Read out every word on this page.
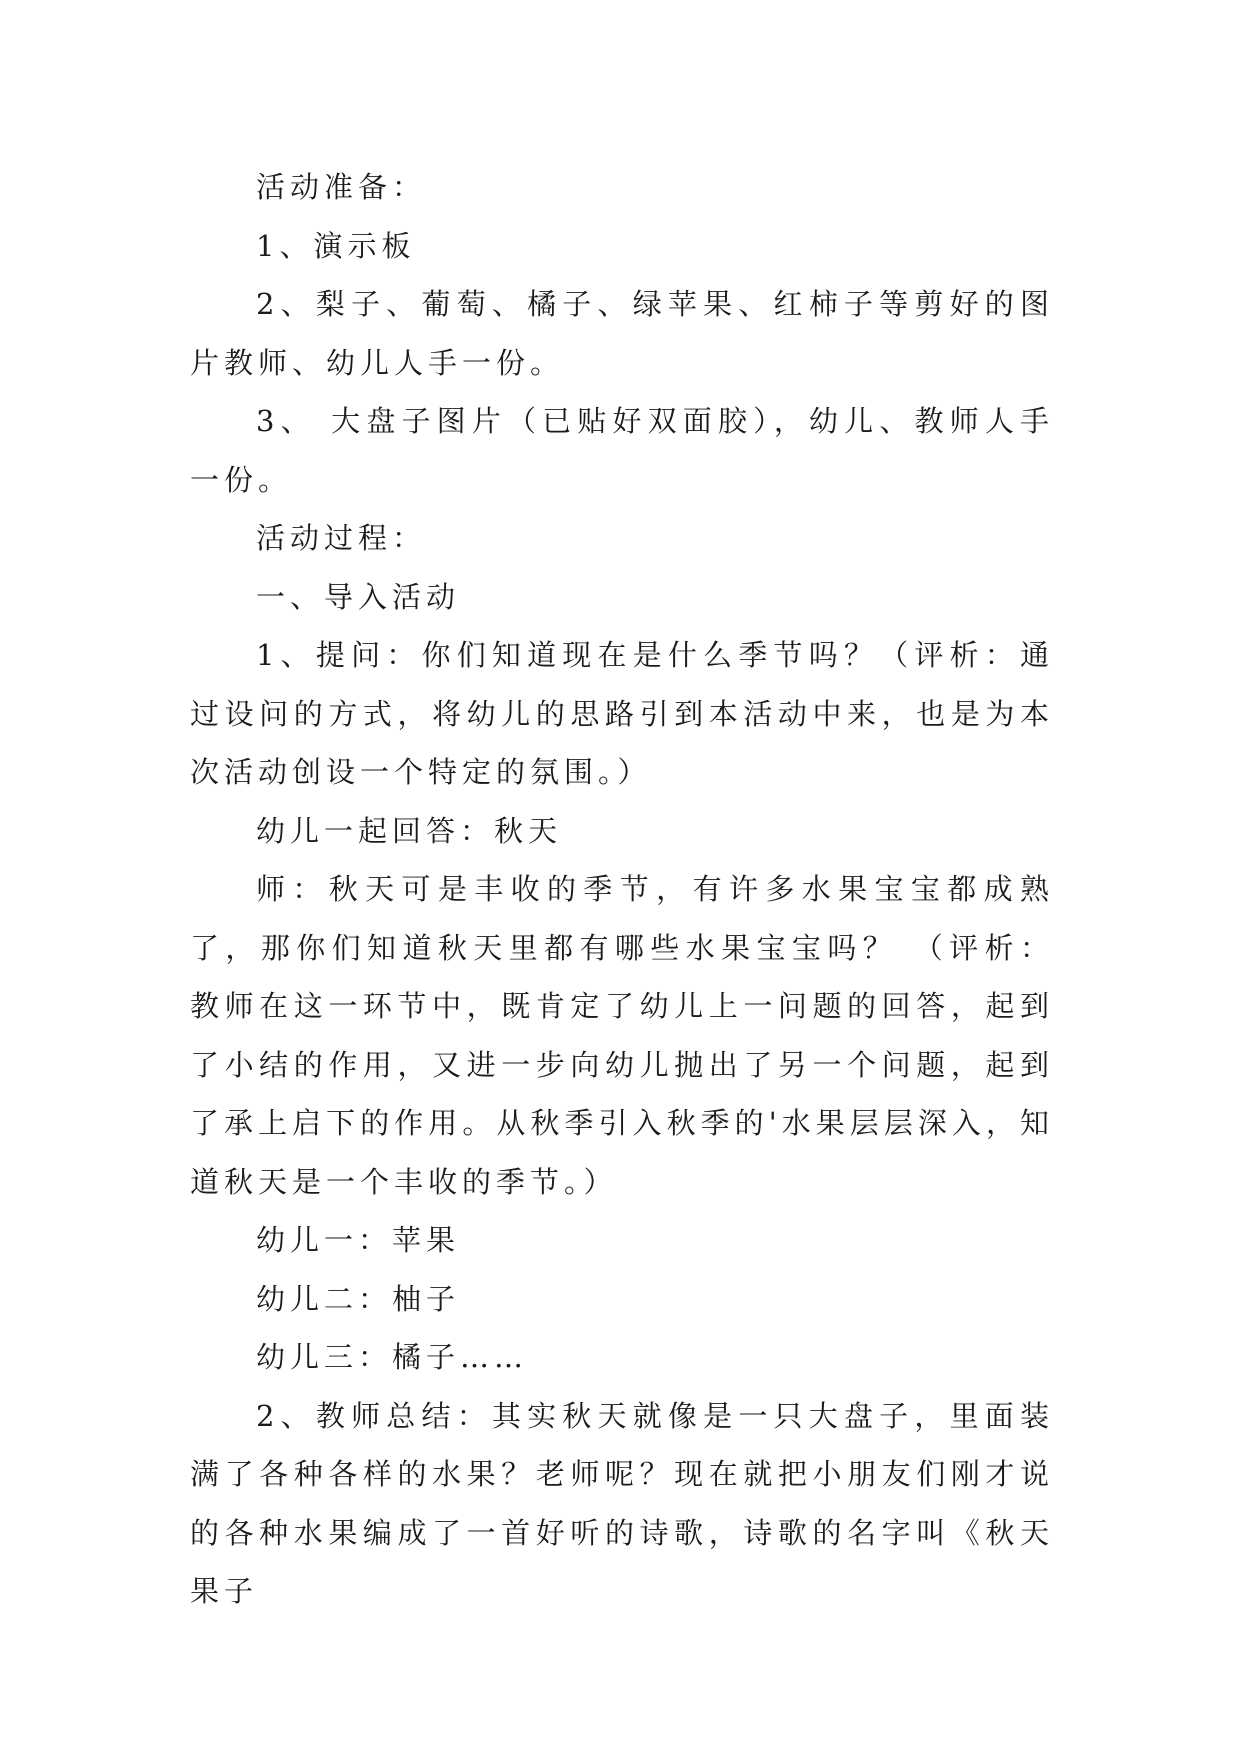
活动准备：

1、演示板

2、梨子、葡萄、橘子、绿苹果、红柿子等剪好的图片教师、幼儿人手一份。

3、 大盘子图片（已贴好双面胶），幼儿、教师人手一份。

活动过程：

一、导入活动

1、提问：你们知道现在是什么季节吗？（评析：通过设问的方式，将幼儿的思路引到本活动中来，也是为本次活动创设一个特定的氛围。）

幼儿一起回答：秋天

师：秋天可是丰收的季节，有许多水果宝宝都成熟了，那你们知道秋天里都有哪些水果宝宝吗？ （评析：教师在这一环节中，既肯定了幼儿上一问题的回答，起到了小结的作用，又进一步向幼儿抛出了另一个问题，起到了承上启下的作用。从秋季引入秋季的'水果层层深入，知道秋天是一个丰收的季节。）

幼儿一：苹果

幼儿二：柚子

幼儿三：橘子……

2、教师总结：其实秋天就像是一只大盘子，里面装满了各种各样的水果？老师呢？现在就把小朋友们刚才说的各种水果编成了一首好听的诗歌，诗歌的名字叫《秋天果子
